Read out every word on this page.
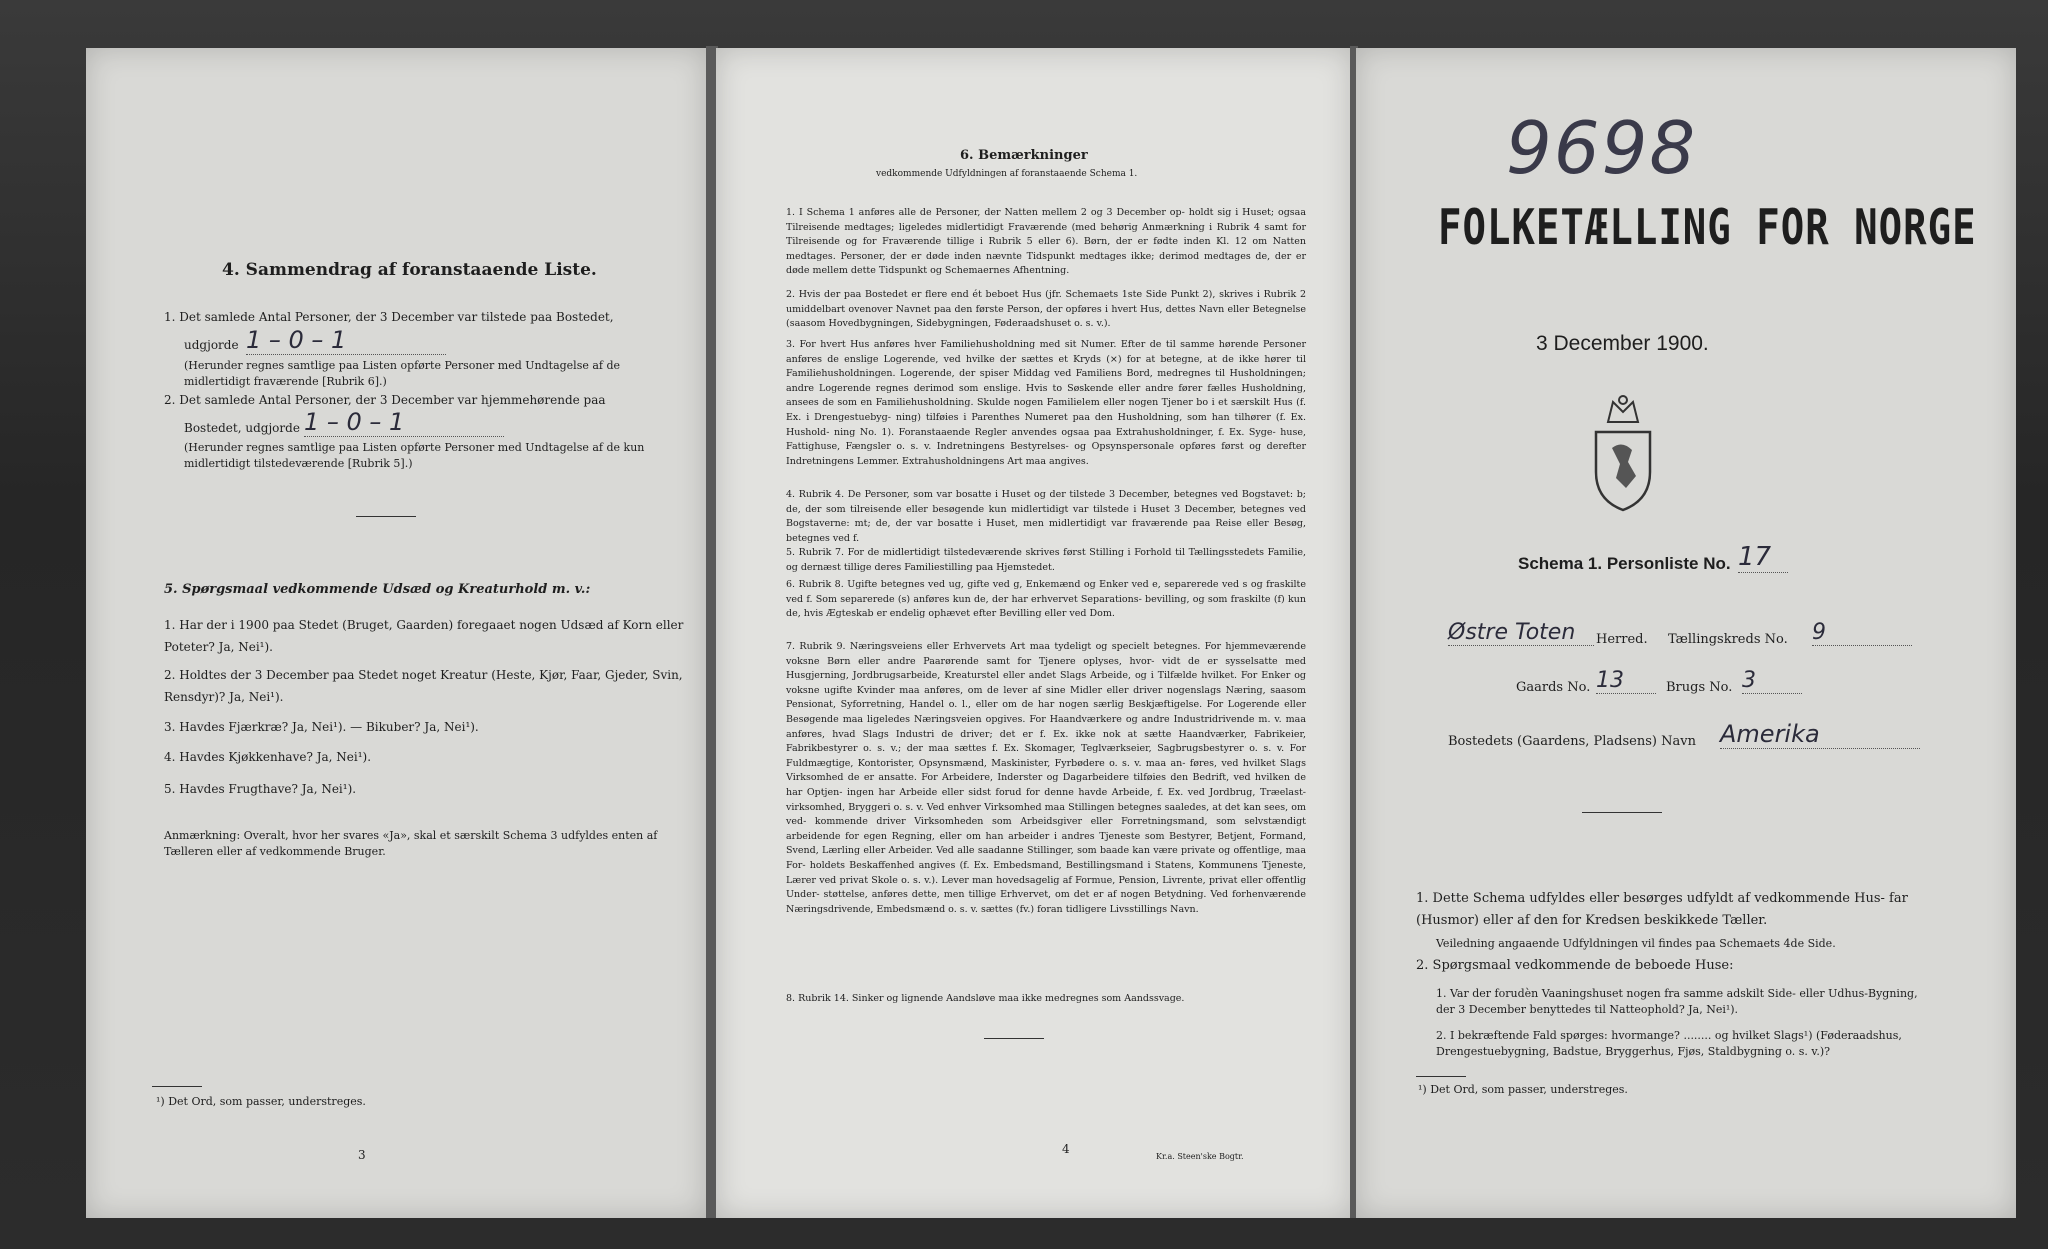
4. Sammendrag af foranstaaende Liste.
1. Det samlede Antal Personer, der 3 December var tilstede paa Bostedet,
udgjorde 1 – 0 – 1
(Herunder regnes samtlige paa Listen opførte Personer med Undtagelse af de midlertidigt fraværende [Rubrik 6].)
2. Det samlede Antal Personer, der 3 December var hjemmehørende paa
Bostedet, udgjorde 1 – 0 – 1
(Herunder regnes samtlige paa Listen opførte Personer med Undtagelse af de kun midlertidigt tilstedeværende [Rubrik 5].)
5. Spørgsmaal vedkommende Udsæd og Kreaturhold m. v.:
1. Har der i 1900 paa Stedet (Bruget, Gaarden) foregaaet nogen Udsæd af Korn eller Poteter? Ja, Nei¹).
2. Holdtes der 3 December paa Stedet noget Kreatur (Heste, Kjør, Faar, Gjeder, Svin, Rensdyr)? Ja, Nei¹).
3. Havdes Fjærkræ? Ja, Nei¹). — Bikuber? Ja, Nei¹).
4. Havdes Kjøkkenhave? Ja, Nei¹).
5. Havdes Frugthave? Ja, Nei¹).
Anmærkning: Overalt, hvor her svares «Ja», skal et særskilt Schema 3 udfyldes enten af Tælleren eller af vedkommende Bruger.
¹) Det Ord, som passer, understreges.
3
6. Bemærkninger
vedkommende Udfyldningen af foranstaaende Schema 1.
1. I Schema 1 anføres alle de Personer, der Natten mellem 2 og 3 December op- holdt sig i Huset; ogsaa Tilreisende medtages; ligeledes midlertidigt Fraværende (med behørig Anmærkning i Rubrik 4 samt for Tilreisende og for Fraværende tillige i Rubrik 5 eller 6). Børn, der er fødte inden Kl. 12 om Natten medtages. Personer, der er døde inden nævnte Tidspunkt medtages ikke; derimod medtages de, der er døde mellem dette Tidspunkt og Schemaernes Afhentning.
2. Hvis der paa Bostedet er flere end ét beboet Hus (jfr. Schemaets 1ste Side Punkt 2), skrives i Rubrik 2 umiddelbart ovenover Navnet paa den første Person, der opføres i hvert Hus, dettes Navn eller Betegnelse (saasom Hovedbygningen, Sidebygningen, Føderaadshuset o. s. v.).
3. For hvert Hus anføres hver Familiehusholdning med sit Numer. Efter de til samme hørende Personer anføres de enslige Logerende, ved hvilke der sættes et Kryds (×) for at betegne, at de ikke hører til Familiehusholdningen. Logerende, der spiser Middag ved Familiens Bord, medregnes til Husholdningen; andre Logerende regnes derimod som enslige. Hvis to Søskende eller andre fører fælles Husholdning, ansees de som en Familiehusholdning. Skulde nogen Familielem eller nogen Tjener bo i et særskilt Hus (f. Ex. i Drengestuebyg- ning) tilføies i Parenthes Numeret paa den Husholdning, som han tilhører (f. Ex. Hushold- ning No. 1). Foranstaaende Regler anvendes ogsaa paa Extrahusholdninger, f. Ex. Syge- huse, Fattighuse, Fængsler o. s. v. Indretningens Bestyrelses- og Opsynspersonale opføres først og derefter Indretningens Lemmer. Extrahusholdningens Art maa angives.
4. Rubrik 4. De Personer, som var bosatte i Huset og der tilstede 3 December, betegnes ved Bogstavet: b; de, der som tilreisende eller besøgende kun midlertidigt var tilstede i Huset 3 December, betegnes ved Bogstaverne: mt; de, der var bosatte i Huset, men midlertidigt var fraværende paa Reise eller Besøg, betegnes ved f.
5. Rubrik 7. For de midlertidigt tilstedeværende skrives først Stilling i Forhold til Tællingsstedets Familie, og dernæst tillige deres Familiestilling paa Hjemstedet.
6. Rubrik 8. Ugifte betegnes ved ug, gifte ved g, Enkemænd og Enker ved e, separerede ved s og fraskilte ved f. Som separerede (s) anføres kun de, der har erhvervet Separations- bevilling, og som fraskilte (f) kun de, hvis Ægteskab er endelig ophævet efter Bevilling eller ved Dom.
7. Rubrik 9. Næringsveiens eller Erhvervets Art maa tydeligt og specielt betegnes. For hjemmeværende voksne Børn eller andre Paarørende samt for Tjenere oplyses, hvor- vidt de er sysselsatte med Husgjerning, Jordbrugsarbeide, Kreaturstel eller andet Slags Arbeide, og i Tilfælde hvilket. For Enker og voksne ugifte Kvinder maa anføres, om de lever af sine Midler eller driver nogenslags Næring, saasom Pensionat, Syforretning, Handel o. l., eller om de har nogen særlig Beskjæftigelse. For Logerende eller Besøgende maa ligeledes Næringsveien opgives. For Haandværkere og andre Industridrivende m. v. maa anføres, hvad Slags Industri de driver; det er f. Ex. ikke nok at sætte Haandværker, Fabrikeier, Fabrikbestyrer o. s. v.; der maa sættes f. Ex. Skomager, Teglværkseier, Sagbrugsbestyrer o. s. v. For Fuldmægtige, Kontorister, Opsynsmænd, Maskinister, Fyrbødere o. s. v. maa an- føres, ved hvilket Slags Virksomhed de er ansatte. For Arbeidere, Inderster og Dagarbeidere tilføies den Bedrift, ved hvilken de har Optjen- ingen har Arbeide eller sidst forud for denne havde Arbeide, f. Ex. ved Jordbrug, Træelast- virksomhed, Bryggeri o. s. v. Ved enhver Virksomhed maa Stillingen betegnes saaledes, at det kan sees, om ved- kommende driver Virksomheden som Arbeidsgiver eller Forretningsmand, som selvstændigt arbeidende for egen Regning, eller om han arbeider i andres Tjeneste som Bestyrer, Betjent, Formand, Svend, Lærling eller Arbeider. Ved alle saadanne Stillinger, som baade kan være private og offentlige, maa For- holdets Beskaffenhed angives (f. Ex. Embedsmand, Bestillingsmand i Statens, Kommunens Tjeneste, Lærer ved privat Skole o. s. v.). Lever man hovedsagelig af Formue, Pension, Livrente, privat eller offentlig Under- støttelse, anføres dette, men tillige Erhvervet, om det er af nogen Betydning. Ved forhenværende Næringsdrivende, Embedsmænd o. s. v. sættes (fv.) foran tidligere Livsstillings Navn.
8. Rubrik 14. Sinker og lignende Aandsløve maa ikke medregnes som Aandssvage.
4
Kr.a. Steen'ske Bogtr.
9698
FOLKETÆLLING FOR NORGE
3 December 1900.
Schema 1. Personliste No. 17
Østre Toten	Herred. Tællingskreds No. 9
Gaards No. 13	Brugs No. 3
Bostedets (Gaardens, Pladsens) Navn Amerika
1. Dette Schema udfyldes eller besørges udfyldt af vedkommende Hus- far (Husmor) eller af den for Kredsen beskikkede Tæller.
Veiledning angaaende Udfyldningen vil findes paa Schemaets 4de Side.
2. Spørgsmaal vedkommende de beboede Huse:
1. Var der forudèn Vaaningshuset nogen fra samme adskilt Side- eller Udhus-Bygning, der 3 December benyttedes til Natteophold? Ja, Nei¹).
2. I bekræftende Fald spørges: hvormange? ........ og hvilket Slags¹) (Føderaadshus, Drengestuebygning, Badstue, Bryggerhus, Fjøs, Staldbygning o. s. v.)?
¹) Det Ord, som passer, understreges.
